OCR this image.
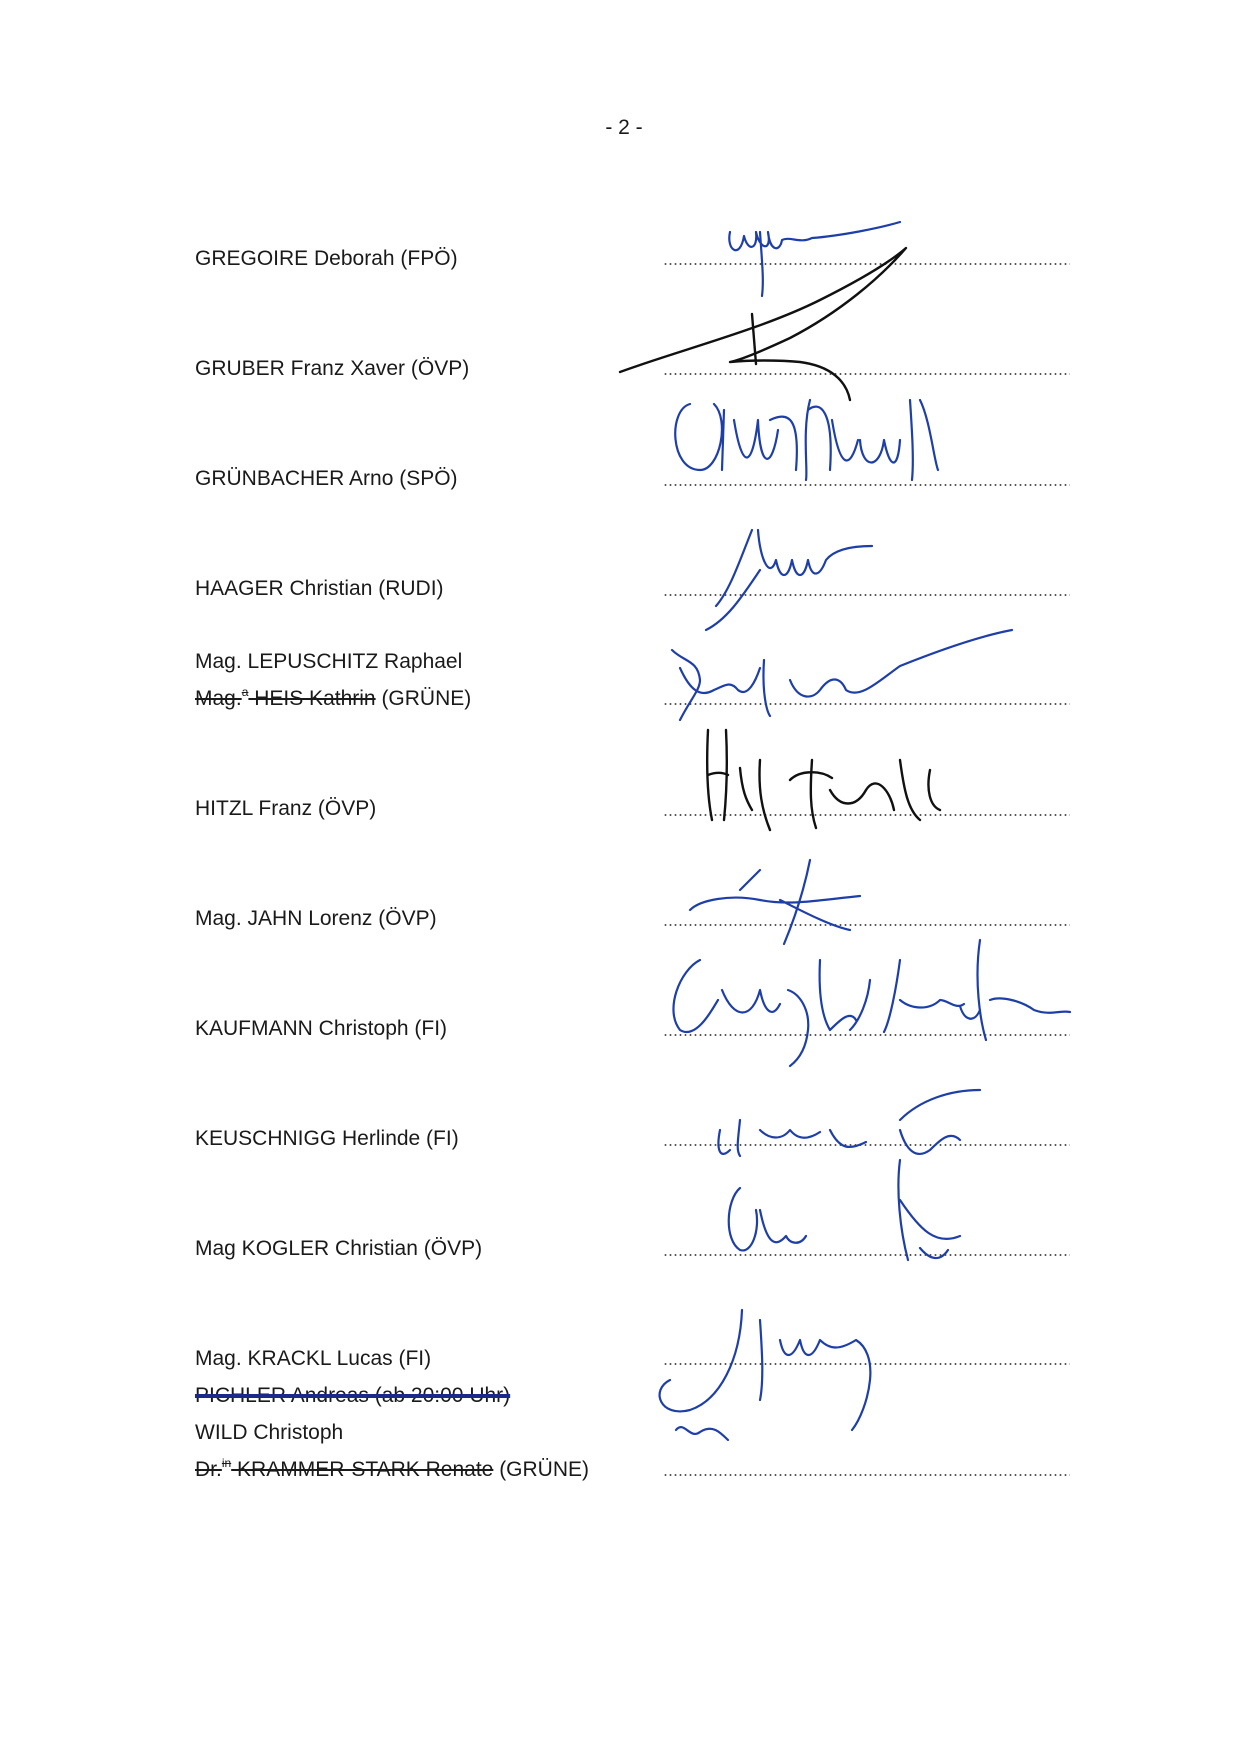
- 2 -
GREGOIRE Deborah (FPÖ)
GRUBER Franz Xaver (ÖVP)
GRÜNBACHER Arno (SPÖ)
HAAGER Christian (RUDI)
Mag. LEPUSCHITZ Raphael
Mag.$^a$ HEIS Kathrin (GRÜNE)
HITZL Franz (ÖVP)
Mag. JAHN Lorenz (ÖVP)
KAUFMANN Christoph (FI)
KEUSCHNIGG Herlinde (FI)
Mag KOGLER Christian (ÖVP)
Mag. KRACKL Lucas (FI)
PICHLER Andreas (ab 20:00 Uhr)
WILD Christoph
Dr.$^{in}$ KRAMMER-STARK Renate (GRÜNE)
